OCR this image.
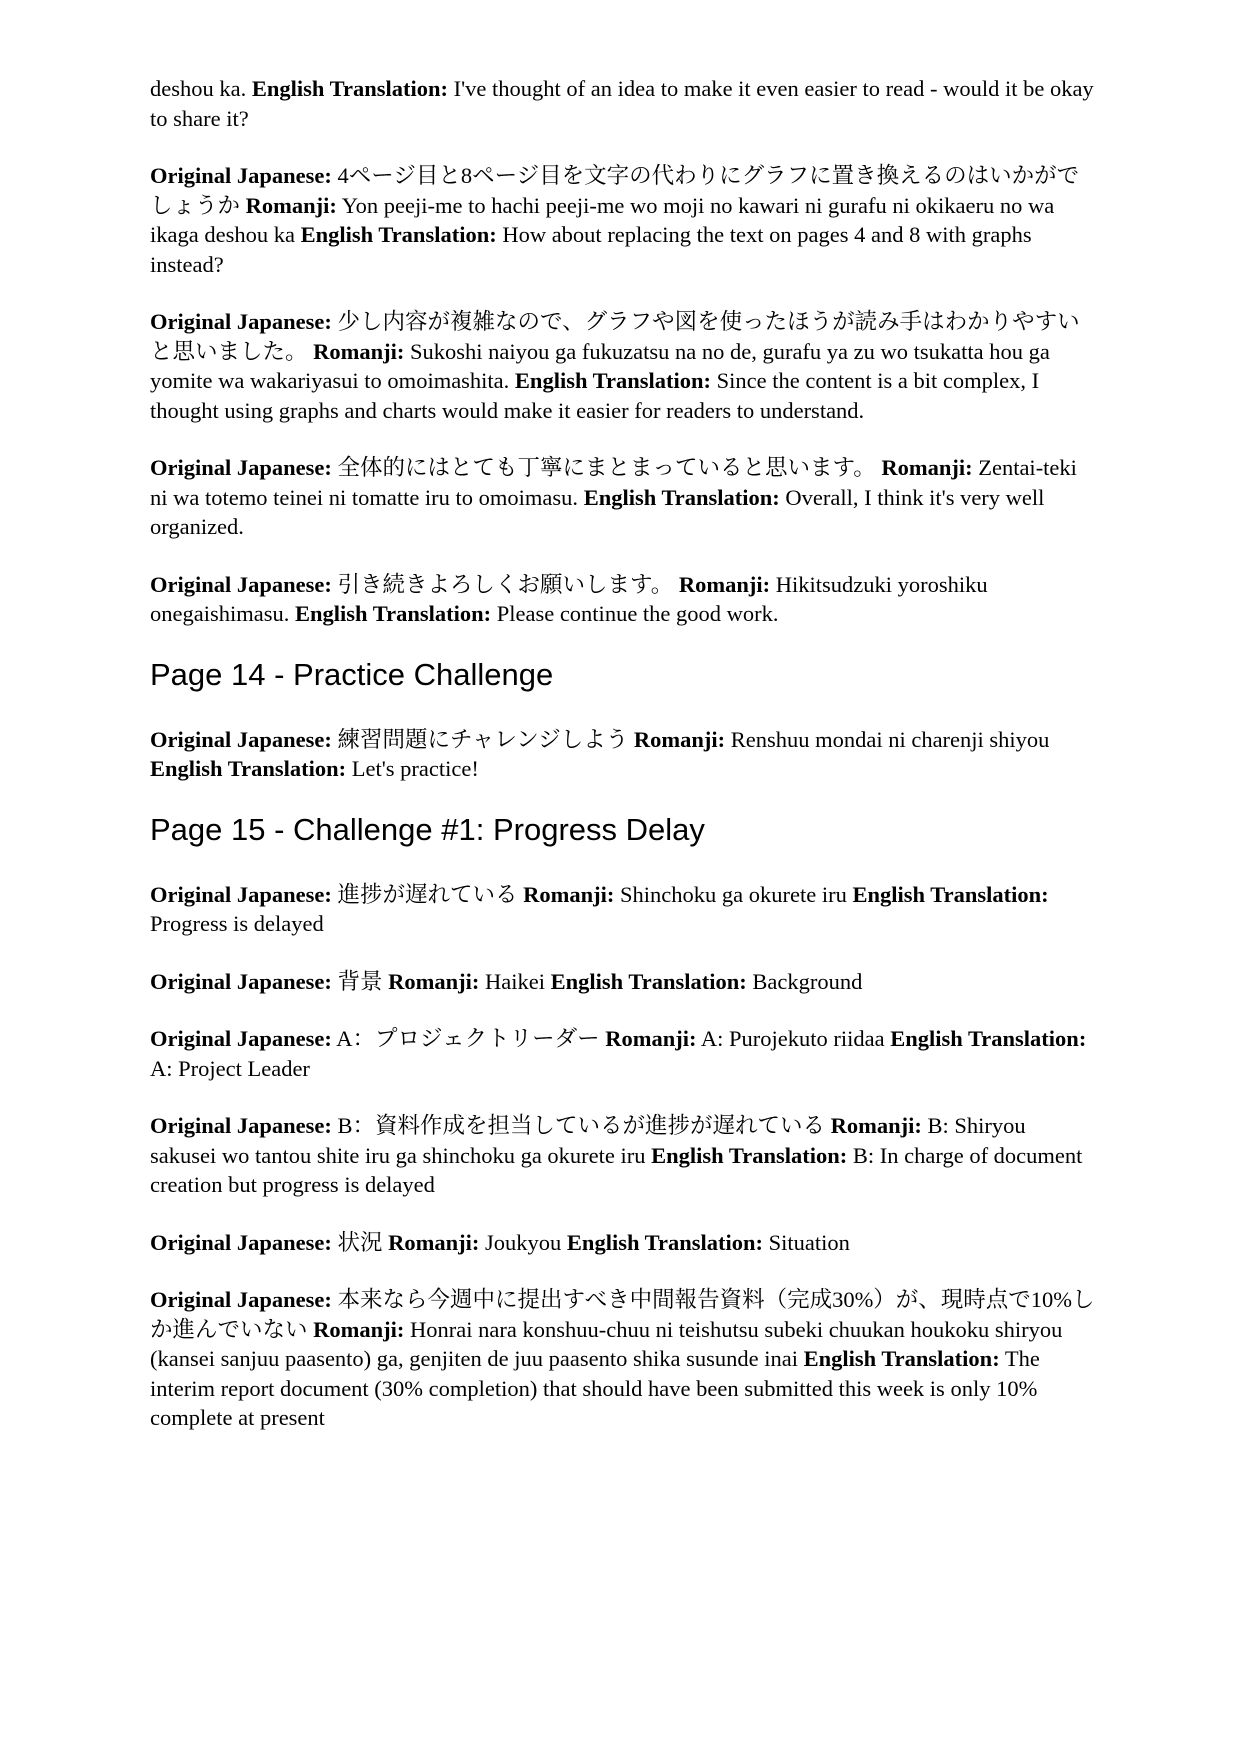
deshou ka. English Translation: I've thought of an idea to make it even easier to read - would it be okay to share it?

Original Japanese: 4ページ目と8ページ目を文字の代わりにグラフに置き換えるのはいかがでしょうか Romanji: Yon peeji-me to hachi peeji-me wo moji no kawari ni gurafu ni okikaeru no wa ikaga deshou ka English Translation: How about replacing the text on pages 4 and 8 with graphs instead?

Original Japanese: 少し内容が複雑なので、グラフや図を使ったほうが読み手はわかりやすいと思いました。 Romanji: Sukoshi naiyou ga fukuzatsu na no de, gurafu ya zu wo tsukatta hou ga yomite wa wakariyasui to omoimashita. English Translation: Since the content is a bit complex, I thought using graphs and charts would make it easier for readers to understand.

Original Japanese: 全体的にはとても丁寧にまとまっていると思います。 Romanji: Zentai-teki ni wa totemo teinei ni tomatte iru to omoimasu. English Translation: Overall, I think it's very well organized.

Original Japanese: 引き続きよろしくお願いします。 Romanji: Hikitsudzuki yoroshiku onegaishimasu. English Translation: Please continue the good work.

Page 14 - Practice Challenge

Original Japanese: 練習問題にチャレンジしよう Romanji: Renshuu mondai ni charenji shiyou English Translation: Let's practice!

Page 15 - Challenge #1: Progress Delay

Original Japanese: 進捗が遅れている Romanji: Shinchoku ga okurete iru English Translation: Progress is delayed

Original Japanese: 背景 Romanji: Haikei English Translation: Background

Original Japanese: A：プロジェクトリーダー Romanji: A: Purojekuto riidaa English Translation: A: Project Leader

Original Japanese: B：資料作成を担当しているが進捗が遅れている Romanji: B: Shiryou sakusei wo tantou shite iru ga shinchoku ga okurete iru English Translation: B: In charge of document creation but progress is delayed

Original Japanese: 状況 Romanji: Joukyou English Translation: Situation

Original Japanese: 本来なら今週中に提出すべき中間報告資料（完成30%）が、現時点で10%しか進んでいない Romanji: Honrai nara konshuu-chuu ni teishutsu subeki chuukan houkoku shiryou (kansei sanjuu paasento) ga, genjiten de juu paasento shika susunde inai English Translation: The interim report document (30% completion) that should have been submitted this week is only 10% complete at present
